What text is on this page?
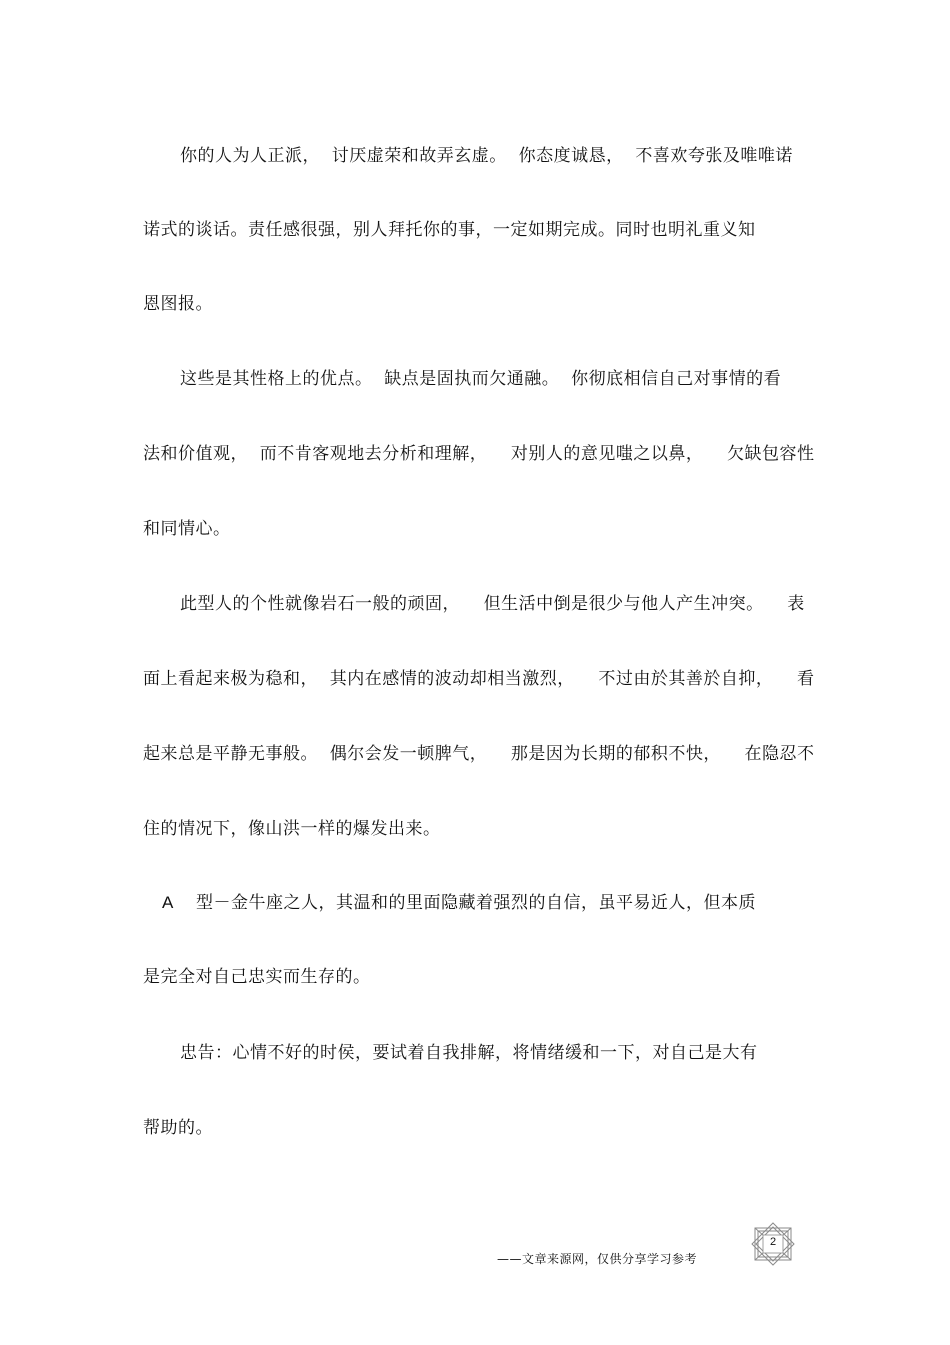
你的人为人正派，  讨厌虚荣和故弄玄虚。  你态度诚恳，  不喜欢夸张及唯唯诺
诺式的谈话。责任感很强，别人拜托你的事，一定如期完成。同时也明礼重义知
恩图报。
这些是其性格上的优点。  缺点是固执而欠通融。  你彻底相信自己对事情的看
法和价值观，  而不肯客观地去分析和理解，    对别人的意见嗤之以鼻，    欠缺包容性
和同情心。
此型人的个性就像岩石一般的顽固，    但生活中倒是很少与他人产生冲突。    表
面上看起来极为稳和，  其内在感情的波动却相当激烈，    不过由於其善於自抑，    看
起来总是平静无事般。  偶尔会发一顿脾气，    那是因为长期的郁积不快，    在隐忍不
住的情况下，像山洪一样的爆发出来。
A 型－金牛座之人，其温和的里面隐藏着强烈的自信，虽平易近人，但本质
是完全对自己忠实而生存的。
忠告：心情不好的时侯，要试着自我排解，将情绪缓和一下，对自己是大有
帮助的。
——文章来源网，仅供分享学习参考
2
